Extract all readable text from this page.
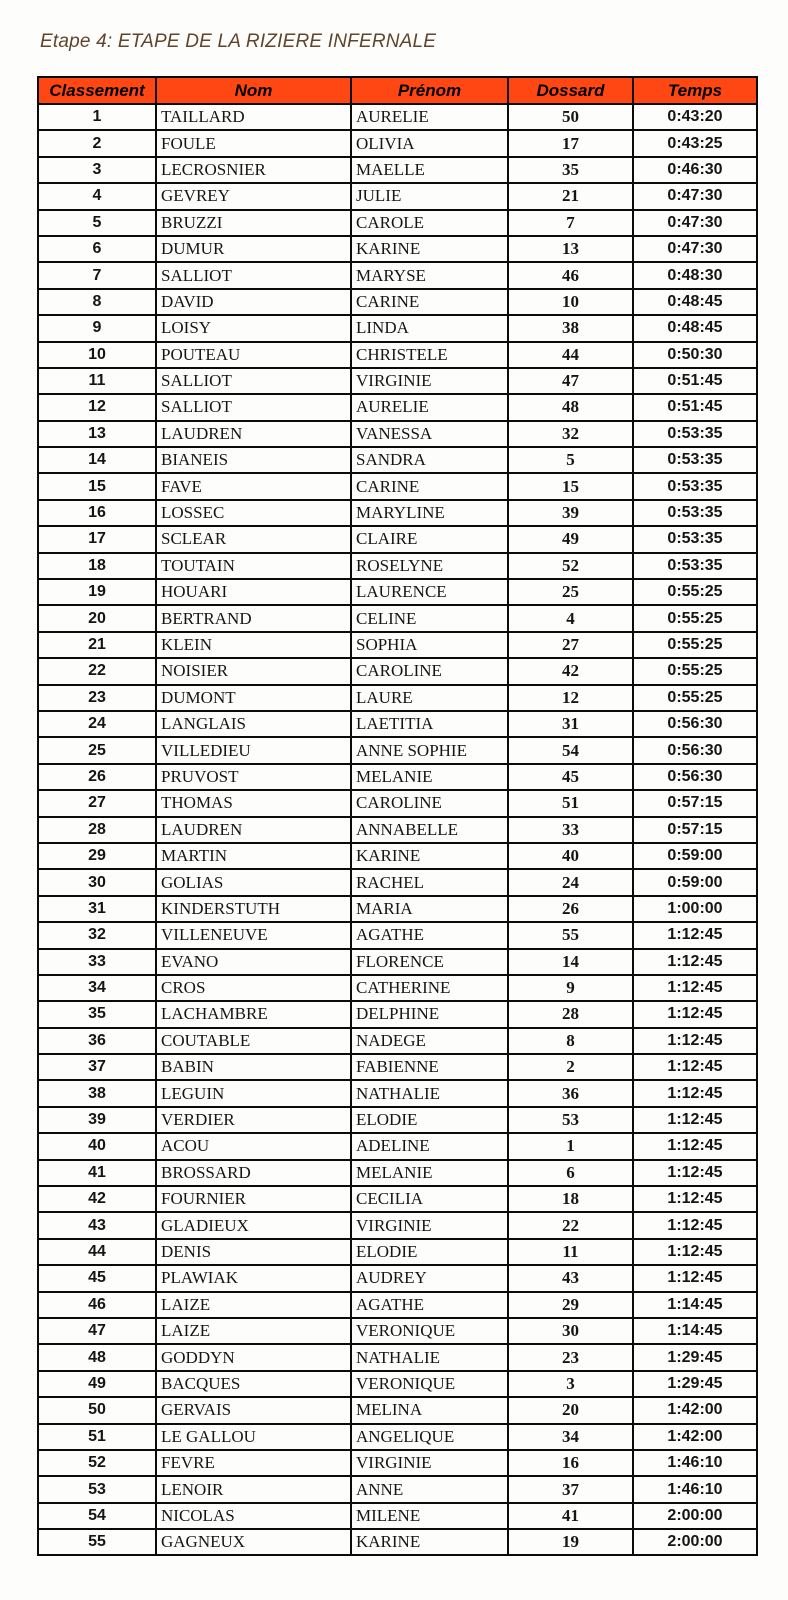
Etape 4: ETAPE DE LA RIZIERE INFERNALE
Classement	Nom	Prénom	Dossard	Temps
1	TAILLARD	AURELIE	50	0:43:20
2	FOULE	OLIVIA	17	0:43:25
3	LECROSNIER	MAELLE	35	0:46:30
4	GEVREY	JULIE	21	0:47:30
5	BRUZZI	CAROLE	7	0:47:30
6	DUMUR	KARINE	13	0:47:30
7	SALLIOT	MARYSE	46	0:48:30
8	DAVID	CARINE	10	0:48:45
9	LOISY	LINDA	38	0:48:45
10	POUTEAU	CHRISTELE	44	0:50:30
11	SALLIOT	VIRGINIE	47	0:51:45
12	SALLIOT	AURELIE	48	0:51:45
13	LAUDREN	VANESSA	32	0:53:35
14	BIANEIS	SANDRA	5	0:53:35
15	FAVE	CARINE	15	0:53:35
16	LOSSEC	MARYLINE	39	0:53:35
17	SCLEAR	CLAIRE	49	0:53:35
18	TOUTAIN	ROSELYNE	52	0:53:35
19	HOUARI	LAURENCE	25	0:55:25
20	BERTRAND	CELINE	4	0:55:25
21	KLEIN	SOPHIA	27	0:55:25
22	NOISIER	CAROLINE	42	0:55:25
23	DUMONT	LAURE	12	0:55:25
24	LANGLAIS	LAETITIA	31	0:56:30
25	VILLEDIEU	ANNE SOPHIE	54	0:56:30
26	PRUVOST	MELANIE	45	0:56:30
27	THOMAS	CAROLINE	51	0:57:15
28	LAUDREN	ANNABELLE	33	0:57:15
29	MARTIN	KARINE	40	0:59:00
30	GOLIAS	RACHEL	24	0:59:00
31	KINDERSTUTH	MARIA	26	1:00:00
32	VILLENEUVE	AGATHE	55	1:12:45
33	EVANO	FLORENCE	14	1:12:45
34	CROS	CATHERINE	9	1:12:45
35	LACHAMBRE	DELPHINE	28	1:12:45
36	COUTABLE	NADEGE	8	1:12:45
37	BABIN	FABIENNE	2	1:12:45
38	LEGUIN	NATHALIE	36	1:12:45
39	VERDIER	ELODIE	53	1:12:45
40	ACOU	ADELINE	1	1:12:45
41	BROSSARD	MELANIE	6	1:12:45
42	FOURNIER	CECILIA	18	1:12:45
43	GLADIEUX	VIRGINIE	22	1:12:45
44	DENIS	ELODIE	11	1:12:45
45	PLAWIAK	AUDREY	43	1:12:45
46	LAIZE	AGATHE	29	1:14:45
47	LAIZE	VERONIQUE	30	1:14:45
48	GODDYN	NATHALIE	23	1:29:45
49	BACQUES	VERONIQUE	3	1:29:45
50	GERVAIS	MELINA	20	1:42:00
51	LE GALLOU	ANGELIQUE	34	1:42:00
52	FEVRE	VIRGINIE	16	1:46:10
53	LENOIR	ANNE	37	1:46:10
54	NICOLAS	MILENE	41	2:00:00
55	GAGNEUX	KARINE	19	2:00:00
